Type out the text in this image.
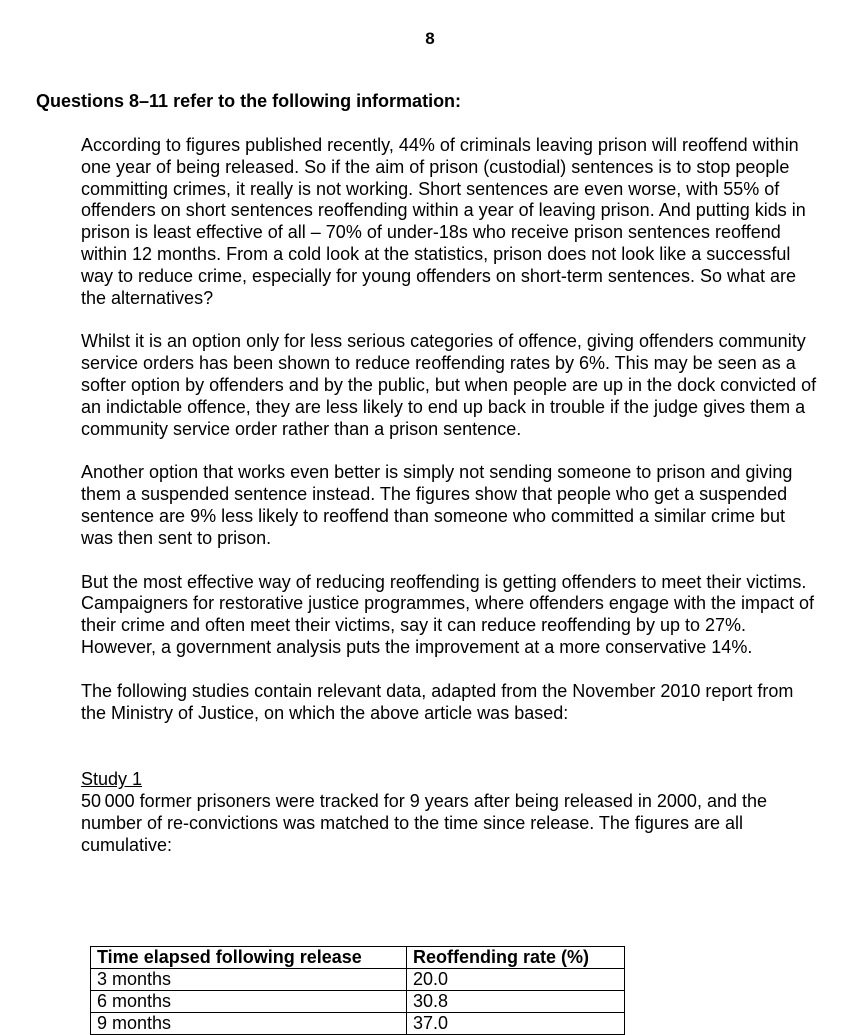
8
Questions 8–11 refer to the following information:

According to figures published recently, 44% of criminals leaving prison will reoffend within one year of being released. So if the aim of prison (custodial) sentences is to stop people committing crimes, it really is not working. Short sentences are even worse, with 55% of offenders on short sentences reoffending within a year of leaving prison. And putting kids in prison is least effective of all – 70% of under-18s who receive prison sentences reoffend within 12 months. From a cold look at the statistics, prison does not look like a successful way to reduce crime, especially for young offenders on short-term sentences. So what are the alternatives?

Whilst it is an option only for less serious categories of offence, giving offenders community service orders has been shown to reduce reoffending rates by 6%. This may be seen as a softer option by offenders and by the public, but when people are up in the dock convicted of an indictable offence, they are less likely to end up back in trouble if the judge gives them a community service order rather than a prison sentence.

Another option that works even better is simply not sending someone to prison and giving them a suspended sentence instead. The figures show that people who get a suspended sentence are 9% less likely to reoffend than someone who committed a similar crime but was then sent to prison.

But the most effective way of reducing reoffending is getting offenders to meet their victims. Campaigners for restorative justice programmes, where offenders engage with the impact of their crime and often meet their victims, say it can reduce reoffending by up to 27%. However, a government analysis puts the improvement at a more conservative 14%.

The following studies contain relevant data, adapted from the November 2010 report from the Ministry of Justice, on which the above article was based:

Study 1
50 000 former prisoners were tracked for 9 years after being released in 2000, and the number of re-convictions was matched to the time since release. The figures are all cumulative:
Time elapsed following release	Reoffending rate (%)
3 months	20.0
6 months	30.8
9 months	37.0
